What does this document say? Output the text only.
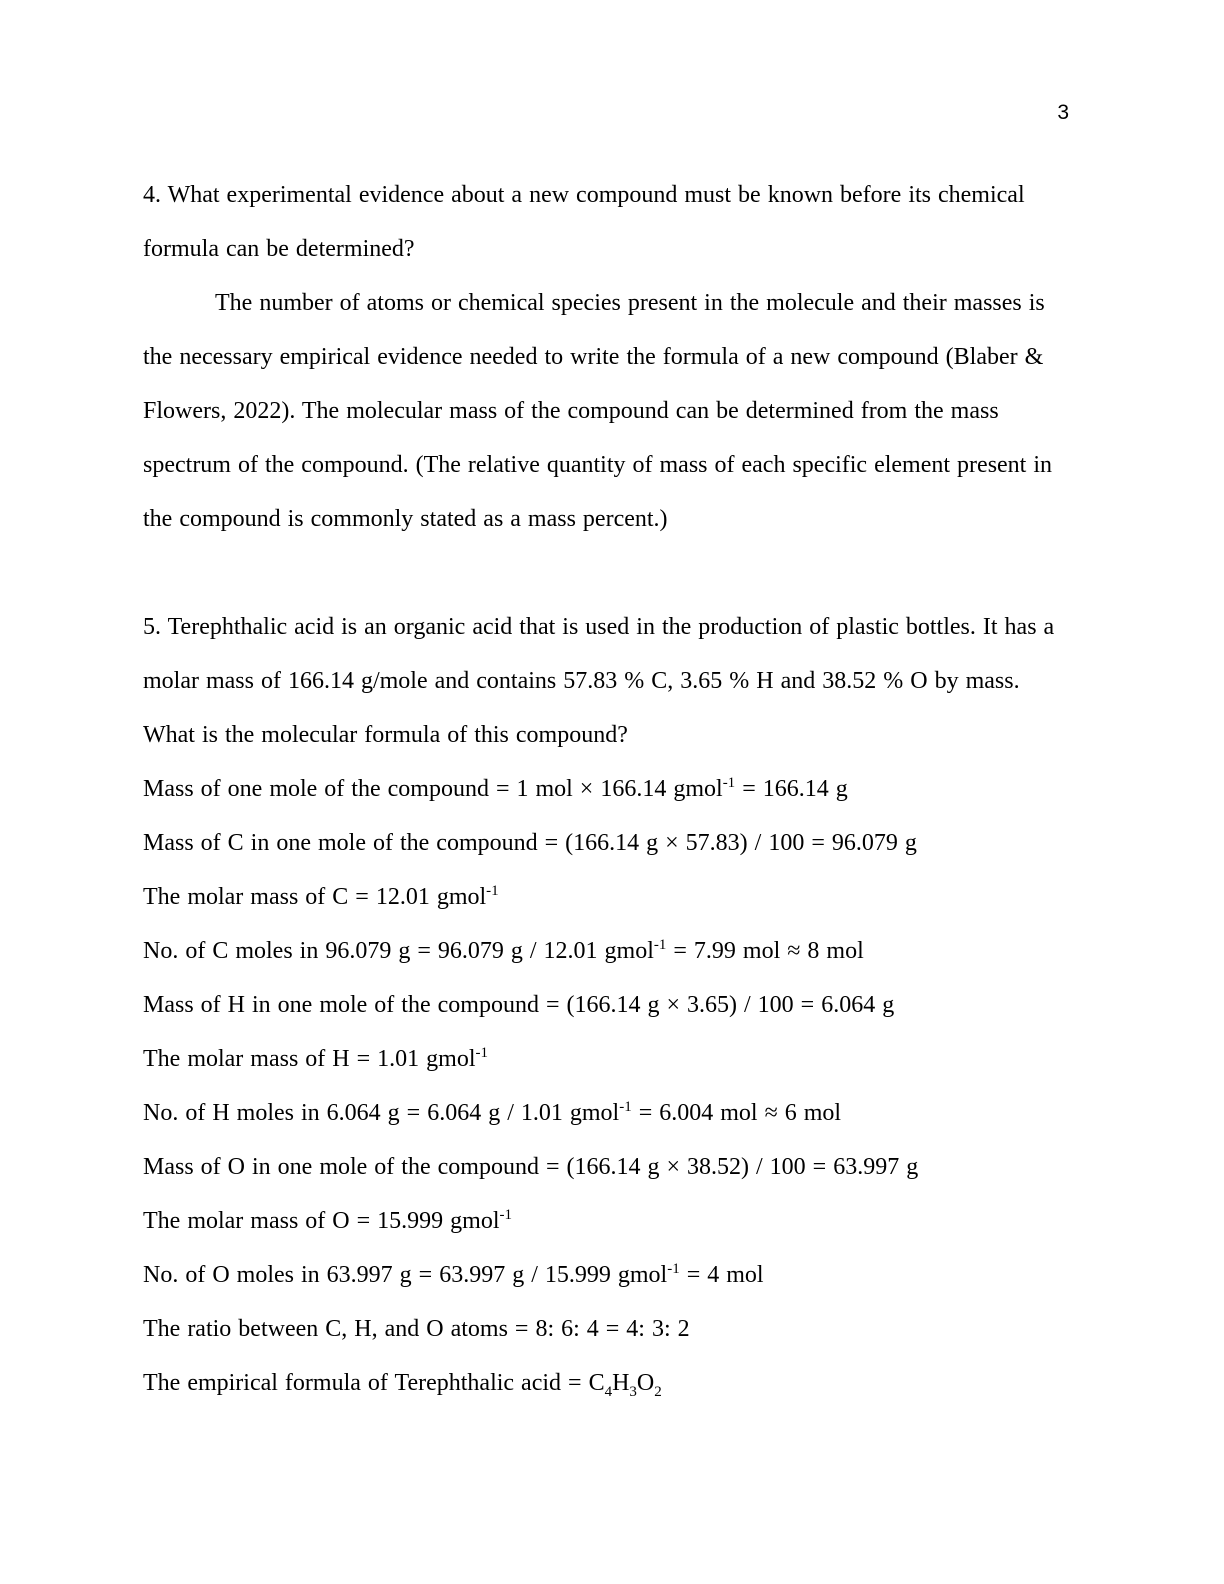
3

4. What experimental evidence about a new compound must be known before its chemical formula can be determined?

The number of atoms or chemical species present in the molecule and their masses is the necessary empirical evidence needed to write the formula of a new compound (Blaber & Flowers, 2022). The molecular mass of the compound can be determined from the mass spectrum of the compound. (The relative quantity of mass of each specific element present in the compound is commonly stated as a mass percent.)

5. Terephthalic acid is an organic acid that is used in the production of plastic bottles. It has a molar mass of 166.14 g/mole and contains 57.83 % C, 3.65 % H and 38.52 % O by mass. What is the molecular formula of this compound?

Mass of one mole of the compound = 1 mol × 166.14 gmol$^{-1}$ = 166.14 g

Mass of C in one mole of the compound = (166.14 g × 57.83) / 100 = 96.079 g

The molar mass of C = 12.01 gmol$^{-1}$

No. of C moles in 96.079 g = 96.079 g / 12.01 gmol$^{-1}$ = 7.99 mol ≈ 8 mol

Mass of H in one mole of the compound = (166.14 g × 3.65) / 100 = 6.064 g

The molar mass of H = 1.01 gmol$^{-1}$

No. of H moles in 6.064 g = 6.064 g / 1.01 gmol$^{-1}$ = 6.004 mol ≈ 6 mol

Mass of O in one mole of the compound = (166.14 g × 38.52) / 100 = 63.997 g

The molar mass of O = 15.999 gmol$^{-1}$

No. of O moles in 63.997 g = 63.997 g / 15.999 gmol$^{-1}$ = 4 mol

The ratio between C, H, and O atoms = 8: 6: 4 = 4: 3: 2

The empirical formula of Terephthalic acid = $C_4H_3O_2$
